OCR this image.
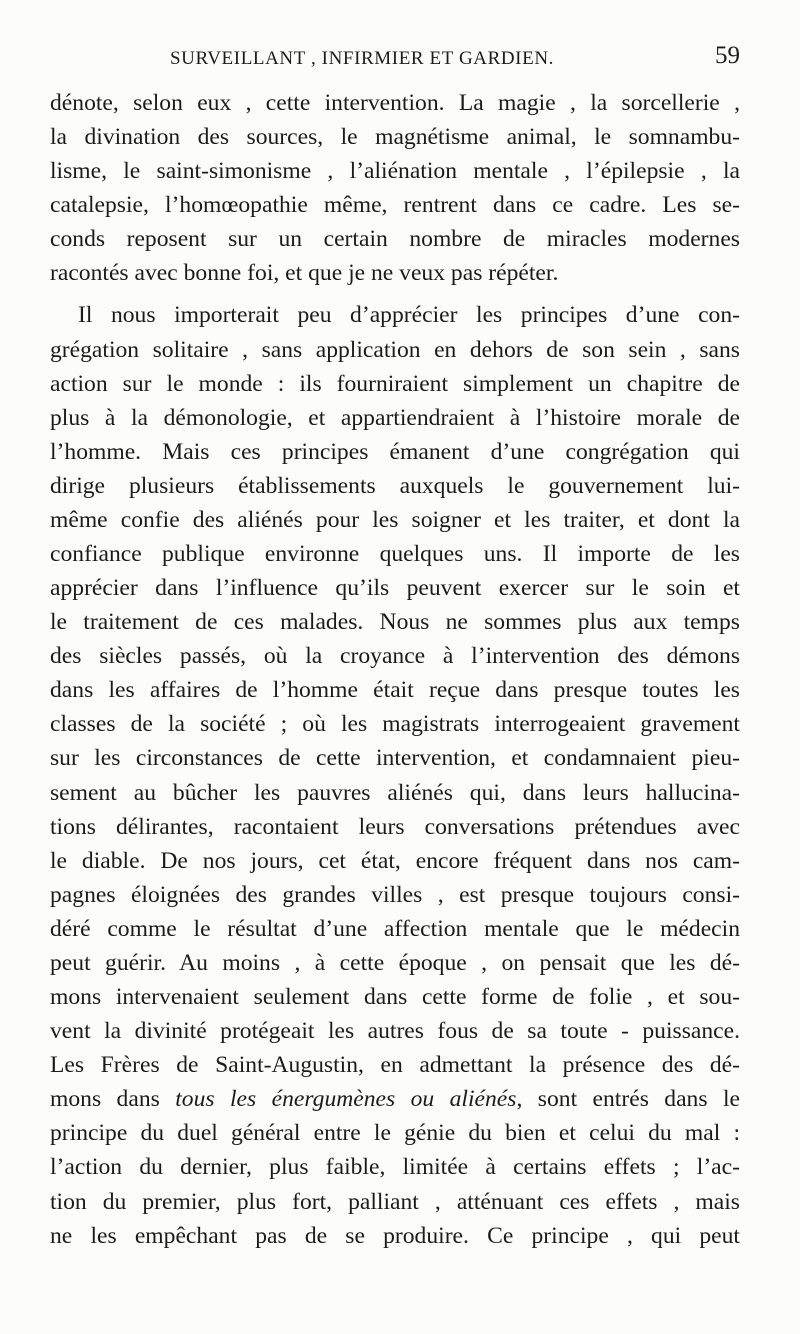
SURVEILLANT , INFIRMIER ET GARDIEN.	59
dénote, selon eux , cette intervention. La magie , la sorcellerie ,
la divination des sources, le magnétisme animal, le somnambu-
lisme, le saint-simonisme , l’aliénation mentale , l’épilepsie , la
catalepsie, l’homœopathie même, rentrent dans ce cadre. Les se-
conds reposent sur un certain nombre de miracles modernes
racontés avec bonne foi, et que je ne veux pas répéter.
Il nous importerait peu d’apprécier les principes d’une con-
grégation solitaire , sans application en dehors de son sein , sans
action sur le monde : ils fourniraient simplement un chapitre de
plus à la démonologie, et appartiendraient à l’histoire morale de
l’homme. Mais ces principes émanent d’une congrégation qui
dirige plusieurs établissements auxquels le gouvernement lui-
même confie des aliénés pour les soigner et les traiter, et dont la
confiance publique environne quelques uns. Il importe de les
apprécier dans l’influence qu’ils peuvent exercer sur le soin et
le traitement de ces malades. Nous ne sommes plus aux temps
des siècles passés, où la croyance à l’intervention des démons
dans les affaires de l’homme était reçue dans presque toutes les
classes de la société ; où les magistrats interrogeaient gravement
sur les circonstances de cette intervention, et condamnaient pieu-
sement au bûcher les pauvres aliénés qui, dans leurs hallucina-
tions délirantes, racontaient leurs conversations prétendues avec
le diable. De nos jours, cet état, encore fréquent dans nos cam-
pagnes éloignées des grandes villes , est presque toujours consi-
déré comme le résultat d’une affection mentale que le médecin
peut guérir. Au moins , à cette époque , on pensait que les dé-
mons intervenaient seulement dans cette forme de folie , et sou-
vent la divinité protégeait les autres fous de sa toute - puissance.
Les Frères de Saint-Augustin, en admettant la présence des dé-
mons dans tous les énergumènes ou aliénés, sont entrés dans le
principe du duel général entre le génie du bien et celui du mal :
l’action du dernier, plus faible, limitée à certains effets ; l’ac-
tion du premier, plus fort, palliant , atténuant ces effets , mais
ne les empêchant pas de se produire. Ce principe , qui peut
